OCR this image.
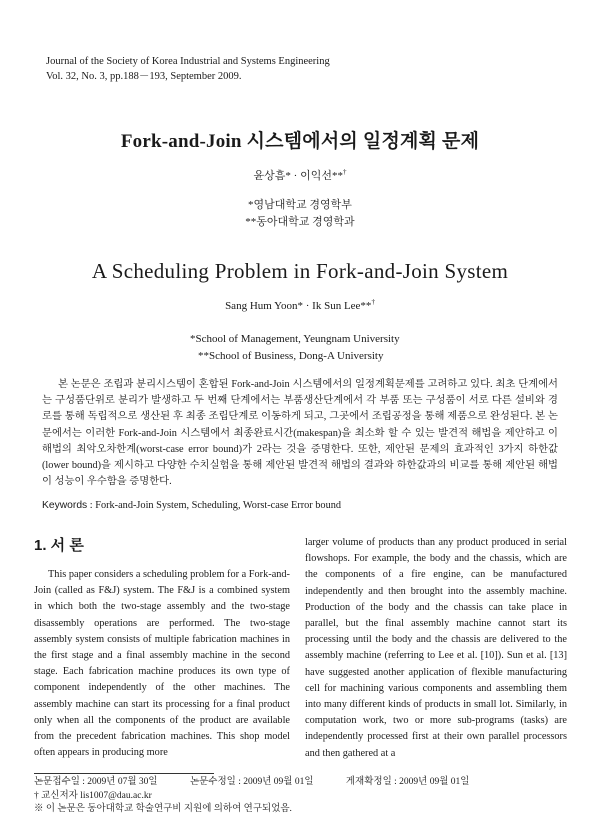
Journal of the Society of Korea Industrial and Systems Engineering
Vol. 32, No. 3, pp.188－193, September 2009.
Fork-and-Join 시스템에서의 일정계획 문제
윤상흠* · 이익선**†
*영남대학교 경영학부
**동아대학교 경영학과
A Scheduling Problem in Fork-and-Join System
Sang Hum Yoon* · Ik Sun Lee**†
*School of Management, Yeungnam University
**School of Business, Dong-A University
본 논문은 조립과 분리시스템이 혼합된 Fork-and-Join 시스템에서의 일정계획문제를 고려하고 있다. 최초 단계에서는 구성품단위로 분리가 발생하고 두 번째 단계에서는 부품생산단계에서 각 부품 또는 구성품이 서로 다른 설비와 경로를 통해 독립적으로 생산된 후 최종 조립단계로 이동하게 되고, 그곳에서 조립공정을 통해 제품으로 완성된다. 본 논문에서는 이러한 Fork-and-Join 시스템에서 최종완료시간(makespan)을 최소화 할 수 있는 발견적 해법을 제안하고 이 해법의 최악오차한계(worst-case error bound)가 2라는 것을 증명한다. 또한, 제안된 문제의 효과적인 3가지 하한값(lower bound)을 제시하고 다양한 수치실험을 통해 제안된 발견적 해법의 결과와 하한값과의 비교를 통해 제안된 해법이 성능이 우수함을 증명한다.
Keywords : Fork-and-Join System, Scheduling, Worst-case Error bound
1. 서 론
This paper considers a scheduling problem for a Fork-and-Join (called as F&J) system. The F&J is a combined system in which both the two-stage assembly and the two-stage disassembly operations are performed. The two-stage assembly system consists of multiple fabrication machines in the first stage and a final assembly machine in the second stage. Each fabrication machine produces its own type of component independently of the other machines. The assembly machine can start its processing for a final product only when all the components of the product are available from the precedent fabrication machines. This shop model often appears in producing more
larger volume of products than any product produced in serial flowshops. For example, the body and the chassis, which are the components of a fire engine, can be manufactured independently and then brought into the assembly machine. Production of the body and the chassis can take place in parallel, but the final assembly machine cannot start its processing until the body and the chassis are delivered to the assembly machine (referring to Lee et al. [10]). Sun et al. [13] have suggested another application of flexible manufacturing cell for machining various components and assembling them into many different kinds of products in small lot. Similarly, in computation work, two or more sub-programs (tasks) are independently processed first at their own parallel processors and then gathered at a
논문접수일 : 2009년 07월 30일	논문수정일 : 2009년 09월 01일	게재확정일 : 2009년 09월 01일
† 교신저자 lis1007@dau.ac.kr
※ 이 논문은 동아대학교 학술연구비 지원에 의하여 연구되었음.
